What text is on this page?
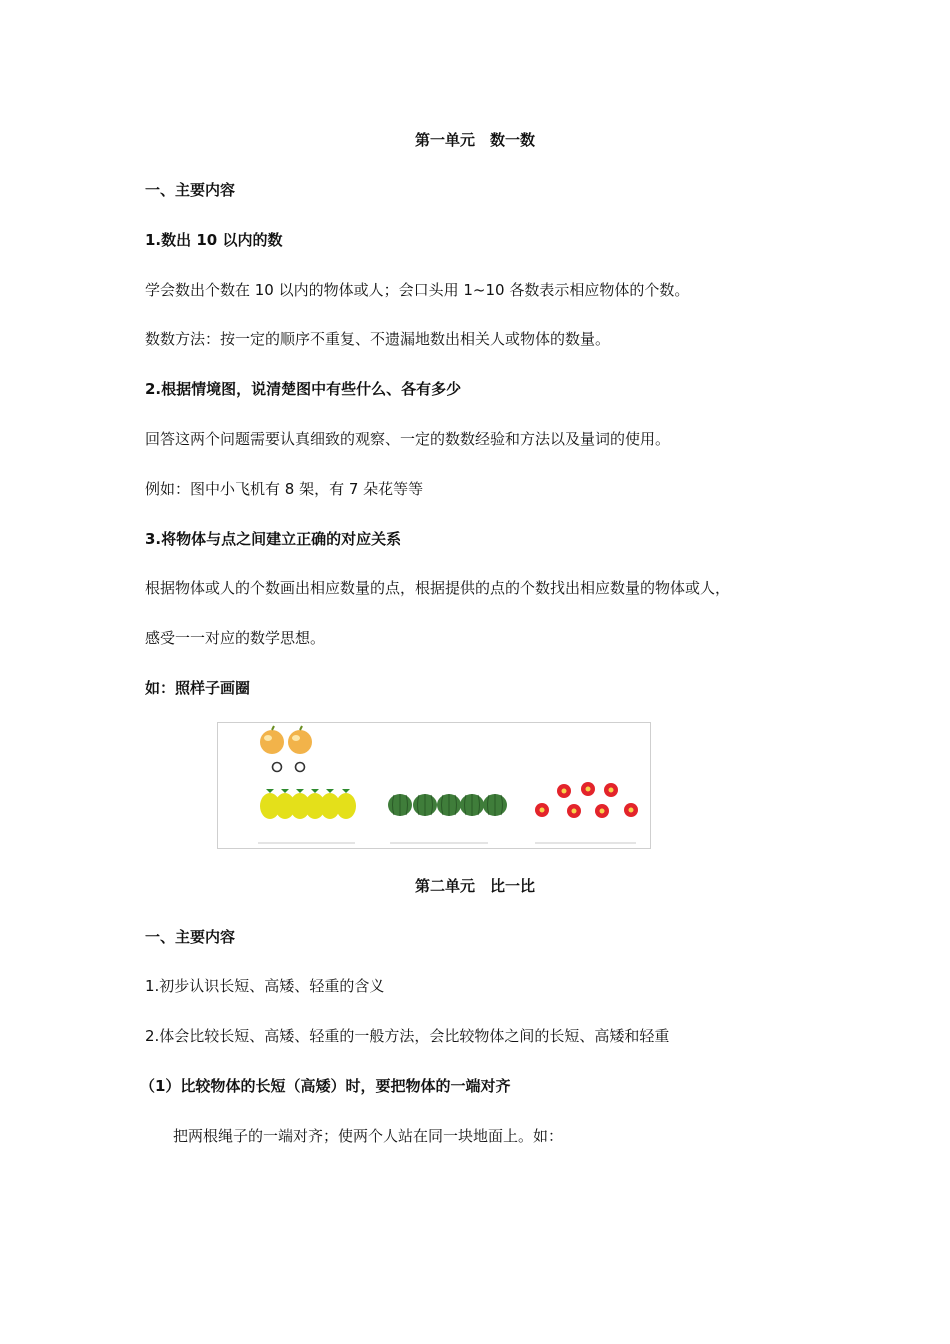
第一单元　数一数
一、主要内容
1.数出 10 以内的数
学会数出个数在 10 以内的物体或人；会口头用 1~10 各数表示相应物体的个数。
数数方法：按一定的顺序不重复、不遗漏地数出相关人或物体的数量。
2.根据情境图，说清楚图中有些什么、各有多少
回答这两个问题需要认真细致的观察、一定的数数经验和方法以及量词的使用。
例如：图中小飞机有 8 架，有 7 朵花等等
3.将物体与点之间建立正确的对应关系
根据物体或人的个数画出相应数量的点，根据提供的点的个数找出相应数量的物体或人，
感受一一对应的数学思想。
如：照样子画圈
第二单元　比一比
一、主要内容
1.初步认识长短、高矮、轻重的含义
2.体会比较长短、高矮、轻重的一般方法，会比较物体之间的长短、高矮和轻重
（1）比较物体的长短（高矮）时，要把物体的一端对齐
把两根绳子的一端对齐；使两个人站在同一块地面上。如：
